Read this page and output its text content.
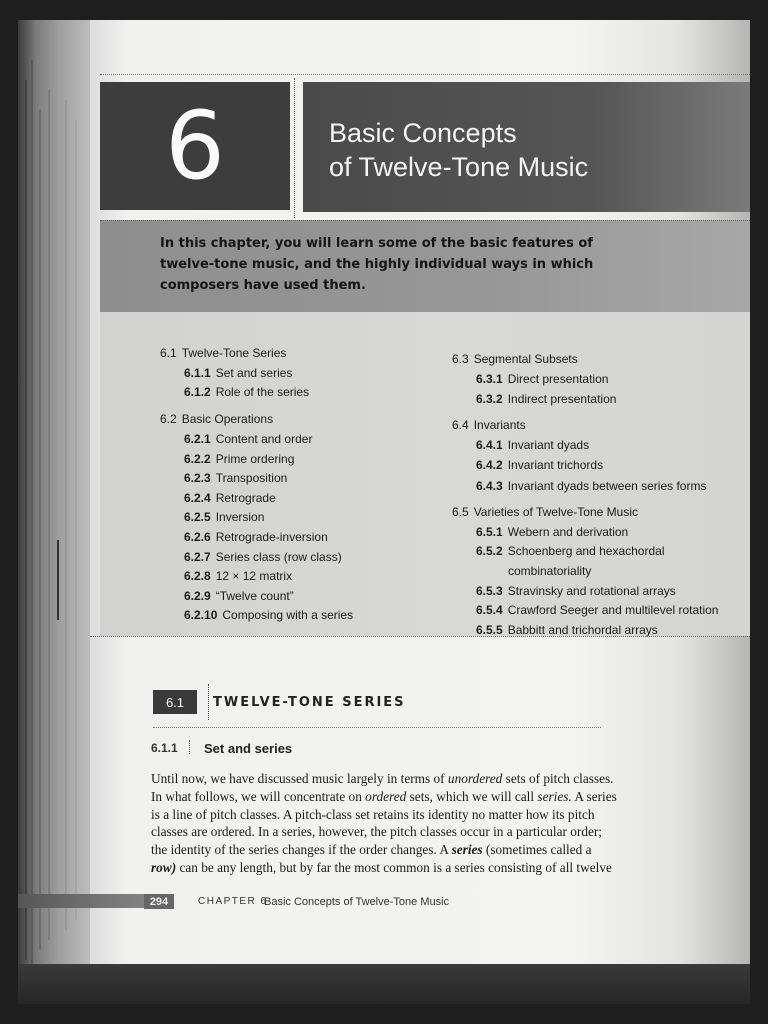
6	Basic Concepts
of Twelve-Tone Music

In this chapter, you will learn some of the basic features of twelve-tone music, and the highly individual ways in which composers have used them.

6.1 Twelve-Tone Series
6.1.1 Set and series
6.1.2 Role of the series
6.2 Basic Operations
6.2.1 Content and order
6.2.2 Prime ordering
6.2.3 Transposition
6.2.4 Retrograde
6.2.5 Inversion
6.2.6 Retrograde-inversion
6.2.7 Series class (row class)
6.2.8 12 × 12 matrix
6.2.9 “Twelve count”
6.2.10 Composing with a series
6.3 Segmental Subsets
6.3.1 Direct presentation
6.3.2 Indirect presentation
6.4 Invariants
6.4.1 Invariant dyads
6.4.2 Invariant trichords
6.4.3 Invariant dyads between series forms
6.5 Varieties of Twelve-Tone Music
6.5.1 Webern and derivation
6.5.2 Schoenberg and hexachordal
combinatoriality
6.5.3 Stravinsky and rotational arrays
6.5.4 Crawford Seeger and multilevel rotation
6.5.5 Babbitt and trichordal arrays
6.1	TWELVE-TONE SERIES
6.1.1 Set and series
Until now, we have discussed music largely in terms of unordered sets of pitch classes.
In what follows, we will concentrate on ordered sets, which we will call series. A series
is a line of pitch classes. A pitch-class set retains its identity no matter how its pitch
classes are ordered. In a series, however, the pitch classes occur in a particular order;
the identity of the series changes if the order changes. A series (sometimes called a
row) can be any length, but by far the most common is a series consisting of all twelve
294	CHAPTER 6
Basic Concepts of Twelve-Tone Music
